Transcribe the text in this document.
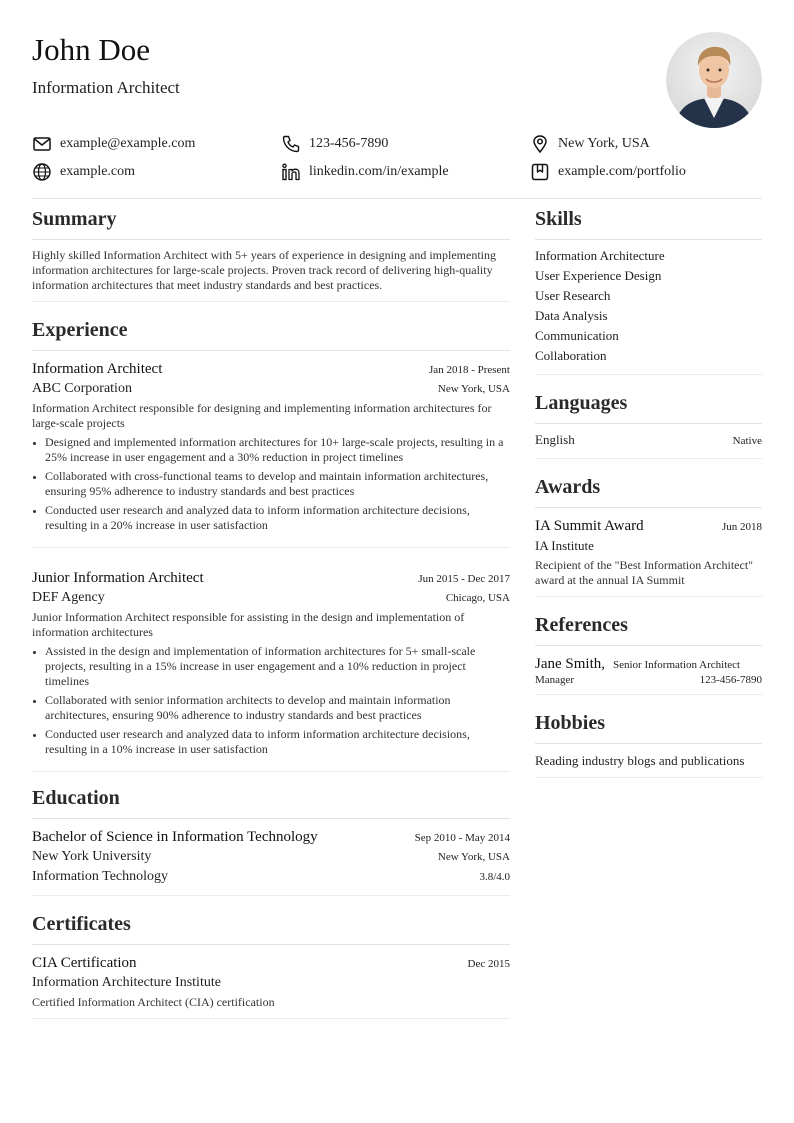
John Doe
Information Architect
example@example.com	123-456-7890	New York, USA
example.com	linkedin.com/in/example	example.com/portfolio
Summary
Highly skilled Information Architect with 5+ years of experience in designing and implementing information architectures for large-scale projects. Proven track record of delivering high-quality information architectures that meet industry standards and best practices.
Experience
Information Architect	Jan 2018 - Present
ABC Corporation	New York, USA
Information Architect responsible for designing and implementing information architectures for large-scale projects
• Designed and implemented information architectures for 10+ large-scale projects, resulting in a 25% increase in user engagement and a 30% reduction in project timelines
• Collaborated with cross-functional teams to develop and maintain information architectures, ensuring 95% adherence to industry standards and best practices
• Conducted user research and analyzed data to inform information architecture decisions, resulting in a 20% increase in user satisfaction
Junior Information Architect	Jun 2015 - Dec 2017
DEF Agency	Chicago, USA
Junior Information Architect responsible for assisting in the design and implementation of information architectures
• Assisted in the design and implementation of information architectures for 5+ small-scale projects, resulting in a 15% increase in user engagement and a 10% reduction in project timelines
• Collaborated with senior information architects to develop and maintain information architectures, ensuring 90% adherence to industry standards and best practices
• Conducted user research and analyzed data to inform information architecture decisions, resulting in a 10% increase in user satisfaction
Education
Bachelor of Science in Information Technology	Sep 2010 - May 2014
New York University	New York, USA
Information Technology	3.8/4.0
Certificates
CIA Certification	Dec 2015
Information Architecture Institute
Certified Information Architect (CIA) certification
Skills
Information Architecture
User Experience Design
User Research
Data Analysis
Communication
Collaboration
Languages
English	Native
Awards
IA Summit Award	Jun 2018
IA Institute
Recipient of the "Best Information Architect" award at the annual IA Summit
References
Jane Smith, Senior Information Architect
Manager	123-456-7890
Hobbies
Reading industry blogs and publications
